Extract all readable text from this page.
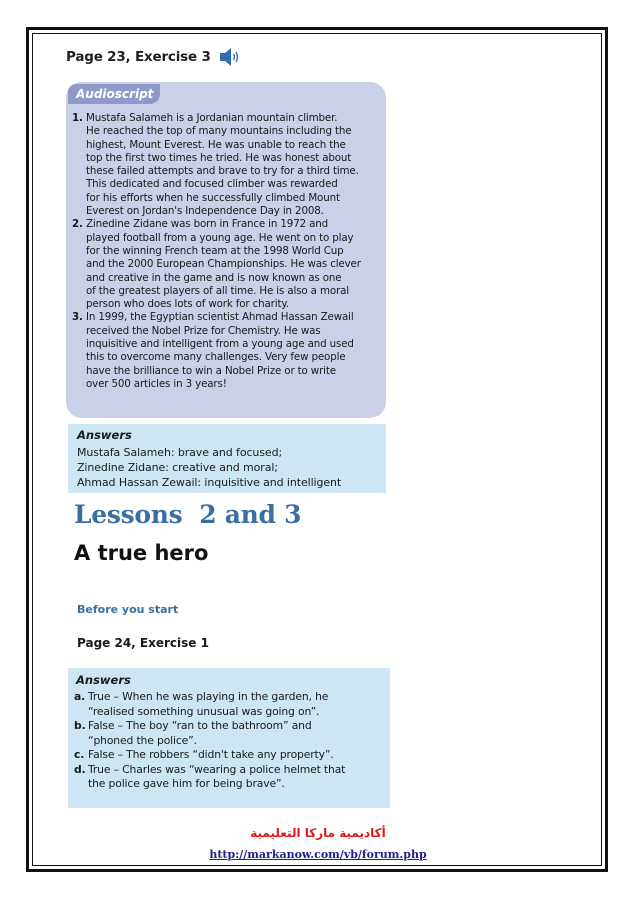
Page 23, Exercise 3
Audioscript
1. Mustafa Salameh is a Jordanian mountain climber.
He reached the top of many mountains including the
highest, Mount Everest. He was unable to reach the
top the first two times he tried. He was honest about
these failed attempts and brave to try for a third time.
This dedicated and focused climber was rewarded
for his efforts when he successfully climbed Mount
Everest on Jordan's Independence Day in 2008.
2. Zinedine Zidane was born in France in 1972 and
played football from a young age. He went on to play
for the winning French team at the 1998 World Cup
and the 2000 European Championships. He was clever
and creative in the game and is now known as one
of the greatest players of all time. He is also a moral
person who does lots of work for charity.
3. In 1999, the Egyptian scientist Ahmad Hassan Zewail
received the Nobel Prize for Chemistry. He was
inquisitive and intelligent from a young age and used
this to overcome many challenges. Very few people
have the brilliance to win a Nobel Prize or to write
over 500 articles in 3 years!
Answers
Mustafa Salameh: brave and focused;
Zinedine Zidane: creative and moral;
Ahmad Hassan Zewail: inquisitive and intelligent
Lessons  2 and 3
A true hero
Before you start
Page 24, Exercise 1
Answers
a. True – When he was playing in the garden, he
“realised something unusual was going on”.
b. False – The boy “ran to the bathroom” and
“phoned the police”.
c. False – The robbers “didn't take any property”.
d. True – Charles was “wearing a police helmet that
the police gave him for being brave”.
أكاديمية ماركا التعليمية
http://markanow.com/vb/forum.php
